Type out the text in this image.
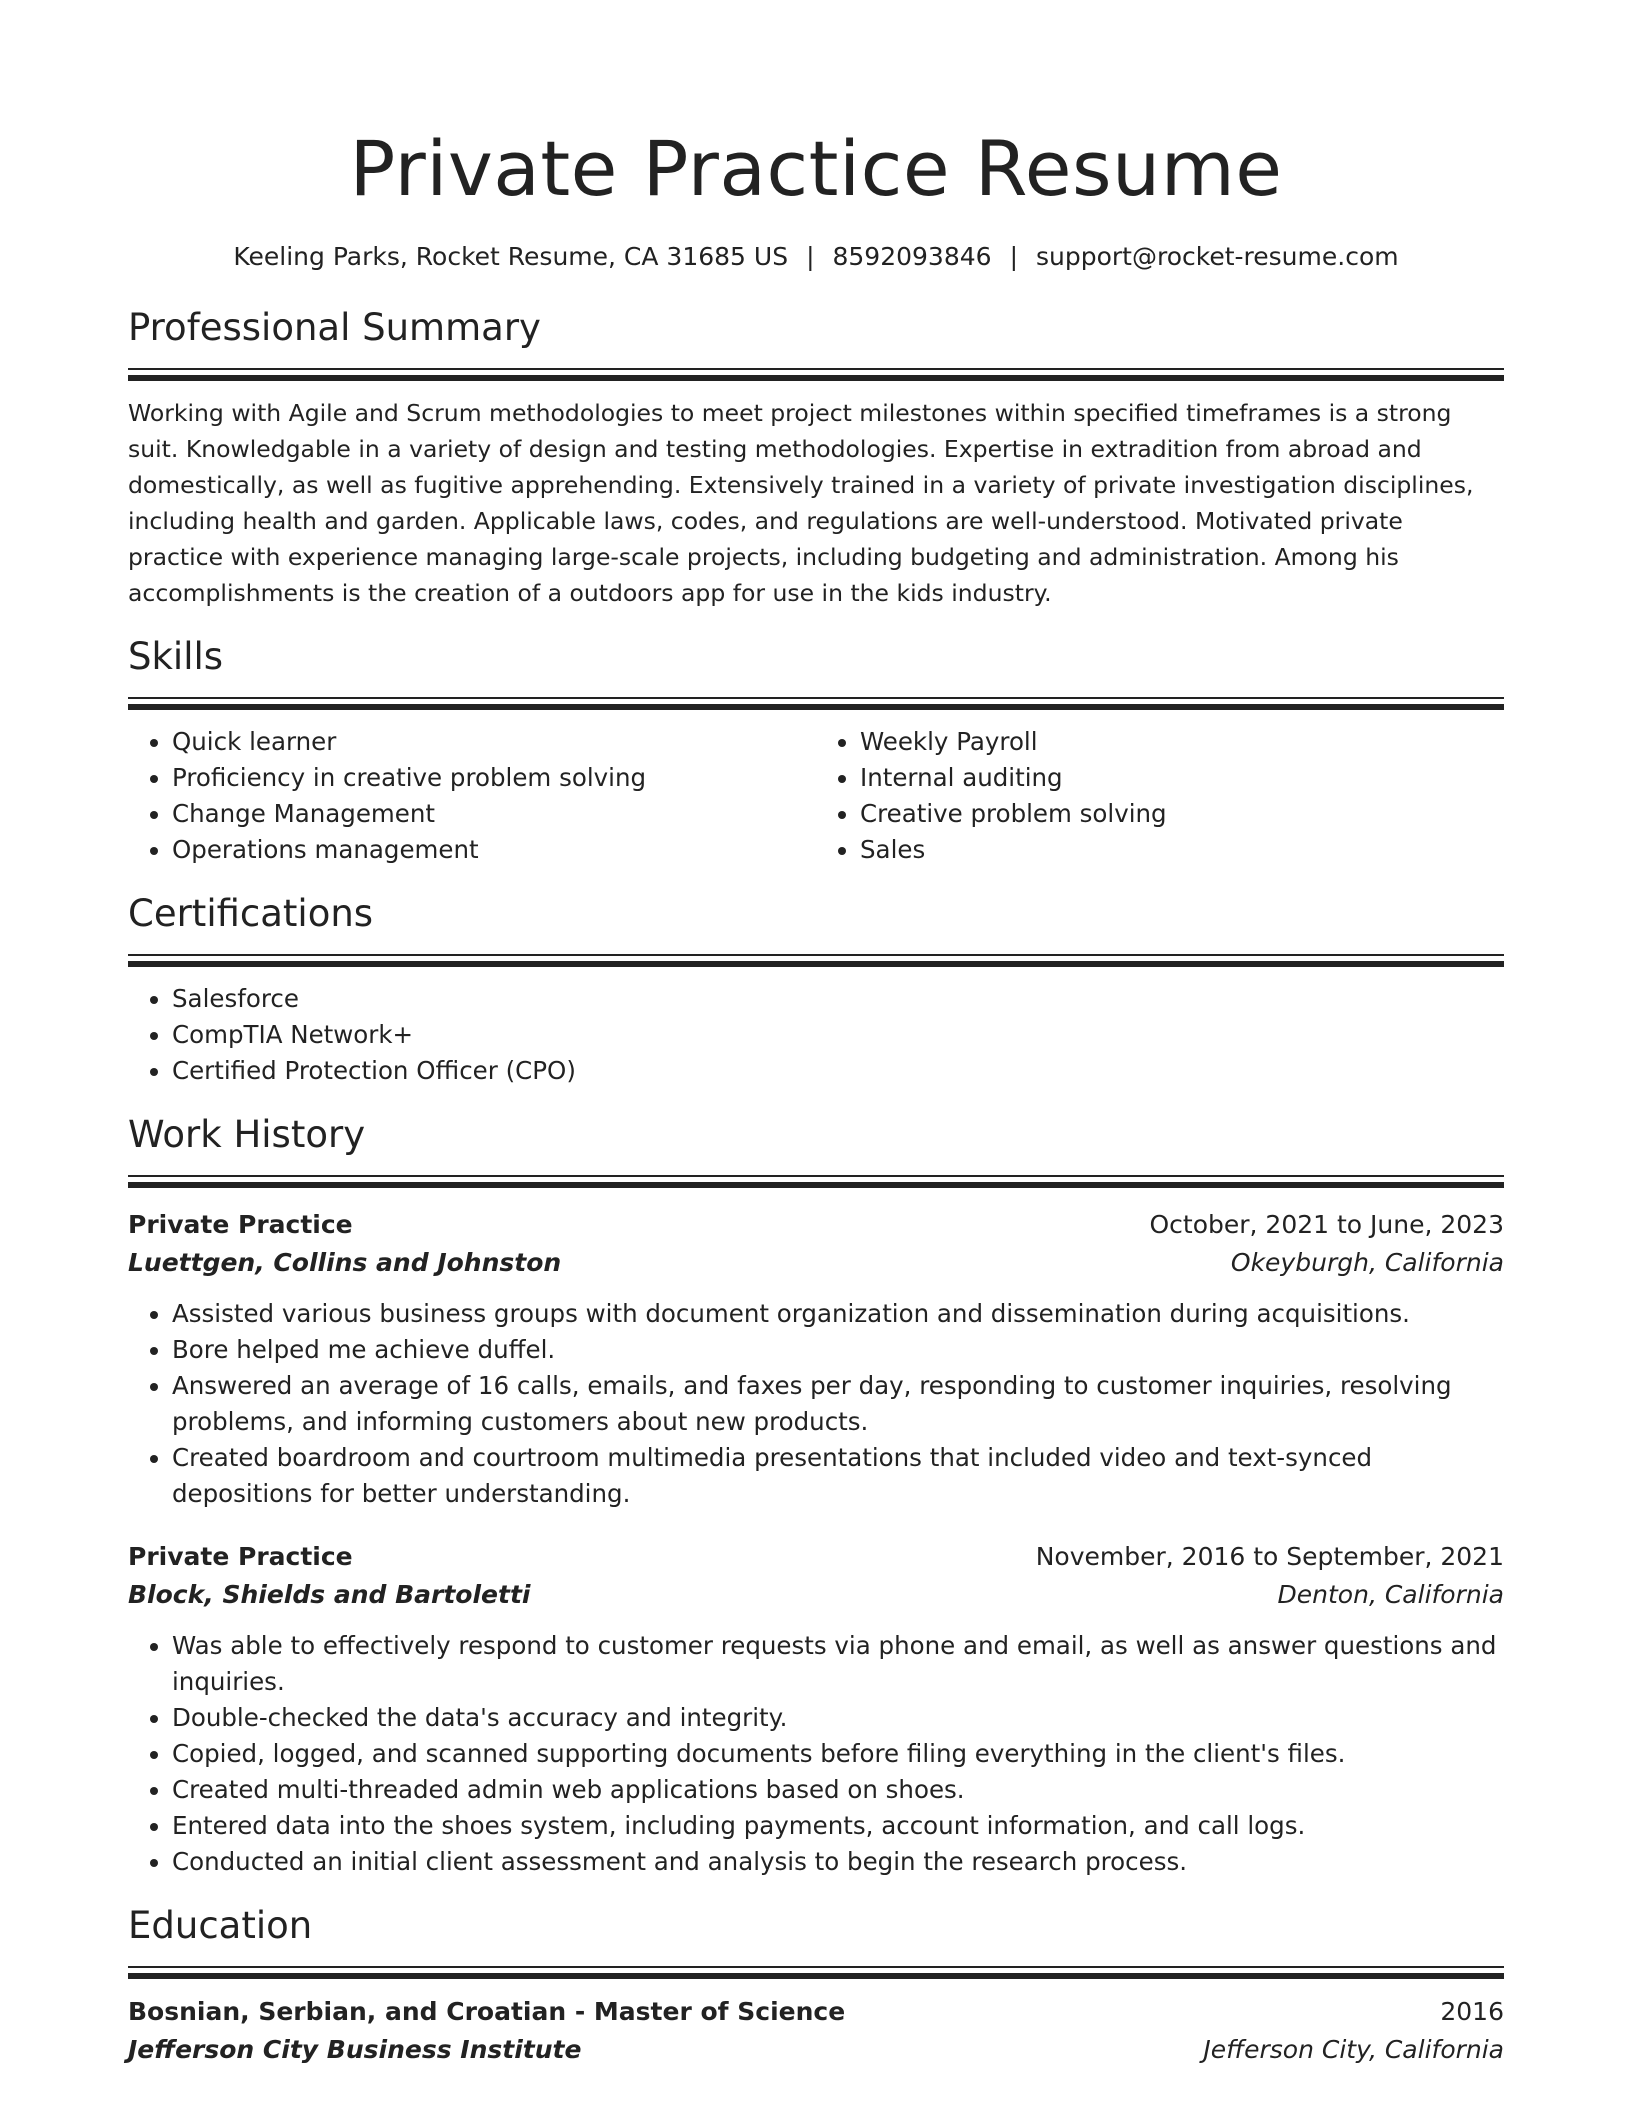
Private Practice Resume
Keeling Parks, Rocket Resume, CA 31685 US | 8592093846 | support@rocket-resume.com
Professional Summary

Working with Agile and Scrum methodologies to meet project milestones within specified timeframes is a strong suit. Knowledgable in a variety of design and testing methodologies. Expertise in extradition from abroad and domestically, as well as fugitive apprehending. Extensively trained in a variety of private investigation disciplines, including health and garden. Applicable laws, codes, and regulations are well-understood. Motivated private practice with experience managing large-scale projects, including budgeting and administration. Among his accomplishments is the creation of a outdoors app for use in the kids industry.

Skills
• Quick learner
• Proficiency in creative problem solving
• Change Management
• Operations management
• Weekly Payroll
• Internal auditing
• Creative problem solving
• Sales
Certifications
• Salesforce
• CompTIA Network+
• Certified Protection Officer (CPO)
Work History
Private Practice	October, 2021 to June, 2023
Luettgen, Collins and Johnston	Okeyburgh, California
• Assisted various business groups with document organization and dissemination during acquisitions.
• Bore helped me achieve duffel.
• Answered an average of 16 calls, emails, and faxes per day, responding to customer inquiries, resolving problems, and informing customers about new products.
• Created boardroom and courtroom multimedia presentations that included video and text-synced depositions for better understanding.
Private Practice	November, 2016 to September, 2021
Block, Shields and Bartoletti	Denton, California
• Was able to effectively respond to customer requests via phone and email, as well as answer questions and inquiries.
• Double-checked the data's accuracy and integrity.
• Copied, logged, and scanned supporting documents before filing everything in the client's files.
• Created multi-threaded admin web applications based on shoes.
• Entered data into the shoes system, including payments, account information, and call logs.
• Conducted an initial client assessment and analysis to begin the research process.
Education
Bosnian, Serbian, and Croatian - Master of Science	2016
Jefferson City Business Institute	Jefferson City, California
